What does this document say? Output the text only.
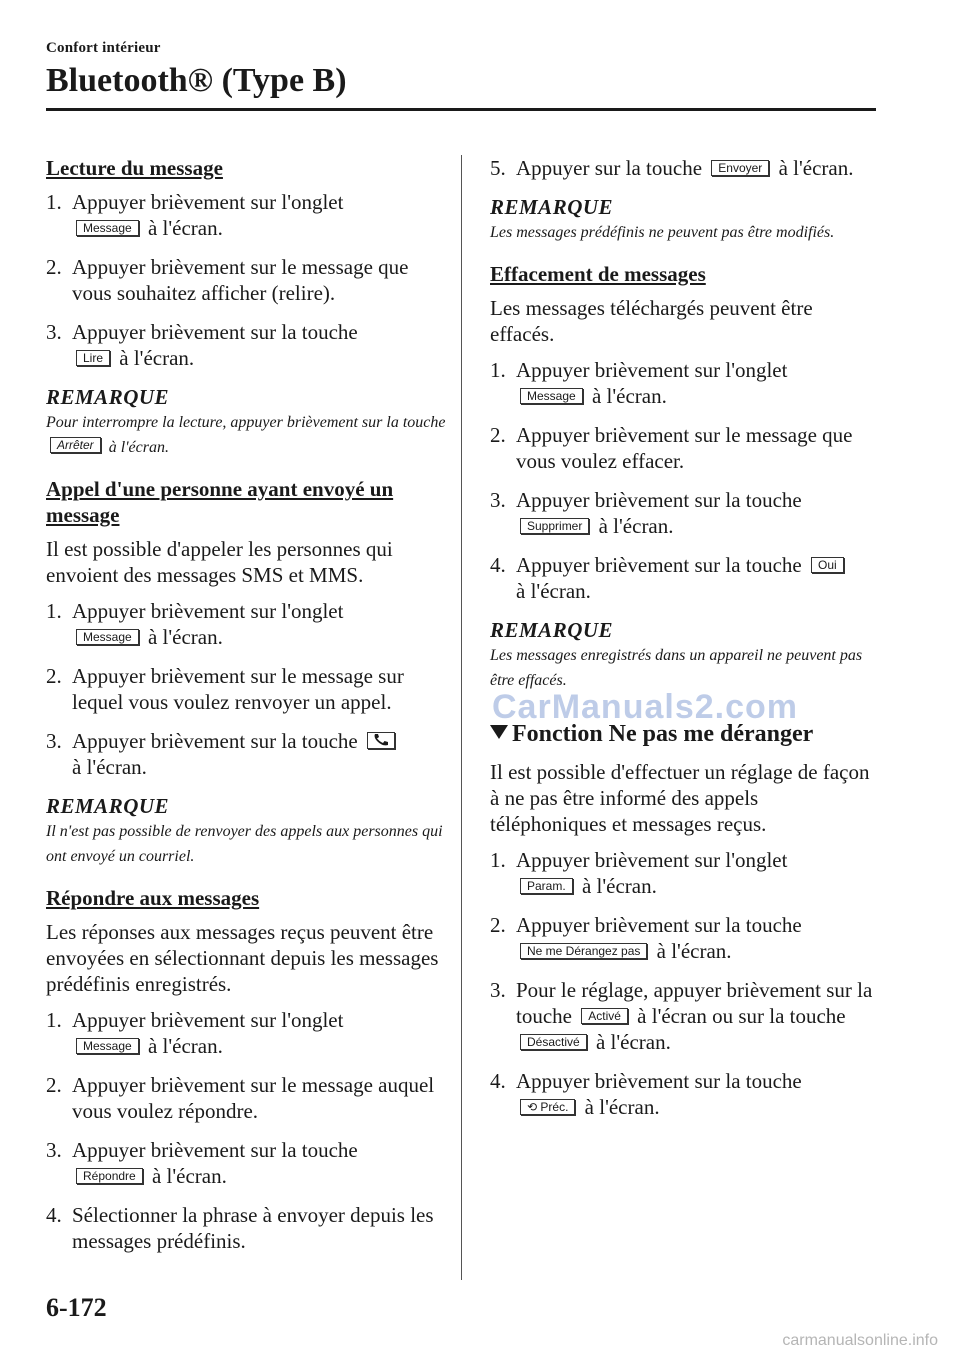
Confort intérieur
Bluetooth® (Type B)
Lecture du message
1. Appuyer brièvement sur l'onglet
Message à l'écran.
2. Appuyer brièvement sur le message que vous souhaitez afficher (relire).
3. Appuyer brièvement sur la touche
Lire à l'écran.
REMARQUE
Pour interrompre la lecture, appuyer brièvement sur la touche Arrêter à l'écran.
Appel d'une personne ayant envoyé un message

Il est possible d'appeler les personnes qui envoient des messages SMS et MMS.

1. Appuyer brièvement sur l'onglet
Message à l'écran.
2. Appuyer brièvement sur le message sur lequel vous voulez renvoyer un appel.
3. Appuyer brièvement sur la touche
à l'écran.
REMARQUE
Il n'est pas possible de renvoyer des appels aux personnes qui ont envoyé un courriel.
Répondre aux messages

Les réponses aux messages reçus peuvent être envoyées en sélectionnant depuis les messages prédéfinis enregistrés.

1. Appuyer brièvement sur l'onglet
Message à l'écran.
2. Appuyer brièvement sur le message auquel vous voulez répondre.
3. Appuyer brièvement sur la touche
Répondre à l'écran.
4. Sélectionner la phrase à envoyer depuis les messages prédéfinis.
5. Appuyer sur la touche Envoyer à l'écran.
REMARQUE
Les messages prédéfinis ne peuvent pas être modifiés.
Effacement de messages

Les messages téléchargés peuvent être effacés.

1. Appuyer brièvement sur l'onglet
Message à l'écran.
2. Appuyer brièvement sur le message que vous voulez effacer.
3. Appuyer brièvement sur la touche
Supprimer à l'écran.
4. Appuyer brièvement sur la touche Oui
à l'écran.
REMARQUE
Les messages enregistrés dans un appareil ne peuvent pas être effacés.
Fonction Ne pas me déranger

Il est possible d'effectuer un réglage de façon à ne pas être informé des appels téléphoniques et messages reçus.

1. Appuyer brièvement sur l'onglet
Param. à l'écran.
2. Appuyer brièvement sur la touche
Ne me Dérangez pas à l'écran.
3. Pour le réglage, appuyer brièvement sur la touche Activé à l'écran ou sur la touche Désactivé à l'écran.
4. Appuyer brièvement sur la touche
⟲ Préc. à l'écran.
CarManuals2.com
6-172
carmanualsonline.info
